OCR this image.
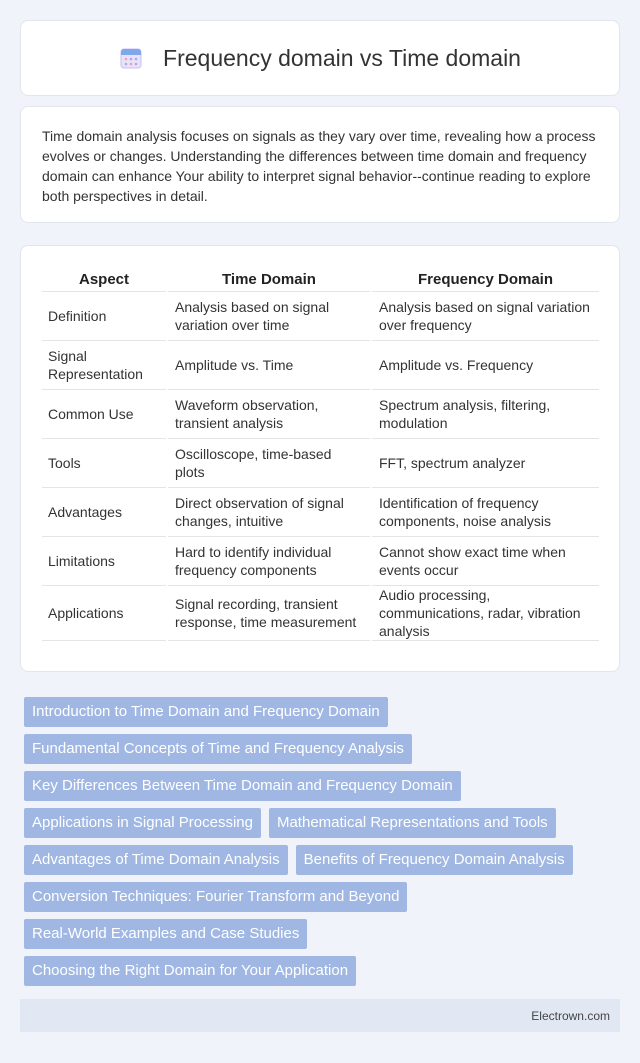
Frequency domain vs Time domain

Time domain analysis focuses on signals as they vary over time, revealing how a process evolves or changes. Understanding the differences between time domain and frequency domain can enhance Your ability to interpret signal behavior--continue reading to explore both perspectives in detail.

Aspect	Time Domain	Frequency Domain
Definition	Analysis based on signal variation over time	Analysis based on signal variation over frequency
Signal Representation	Amplitude vs. Time	Amplitude vs. Frequency
Common Use	Waveform observation, transient analysis	Spectrum analysis, filtering, modulation
Tools	Oscilloscope, time-based plots	FFT, spectrum analyzer
Advantages	Direct observation of signal changes, intuitive	Identification of frequency components, noise analysis
Limitations	Hard to identify individual frequency components	Cannot show exact time when events occur
Applications	Signal recording, transient response, time measurement	Audio processing, communications, radar, vibration analysis
Introduction to Time Domain and Frequency Domain
Fundamental Concepts of Time and Frequency Analysis
Key Differences Between Time Domain and Frequency Domain
Applications in Signal Processing	Mathematical Representations and Tools
Advantages of Time Domain Analysis	Benefits of Frequency Domain Analysis
Conversion Techniques: Fourier Transform and Beyond
Real-World Examples and Case Studies
Choosing the Right Domain for Your Application
Electrown.com
